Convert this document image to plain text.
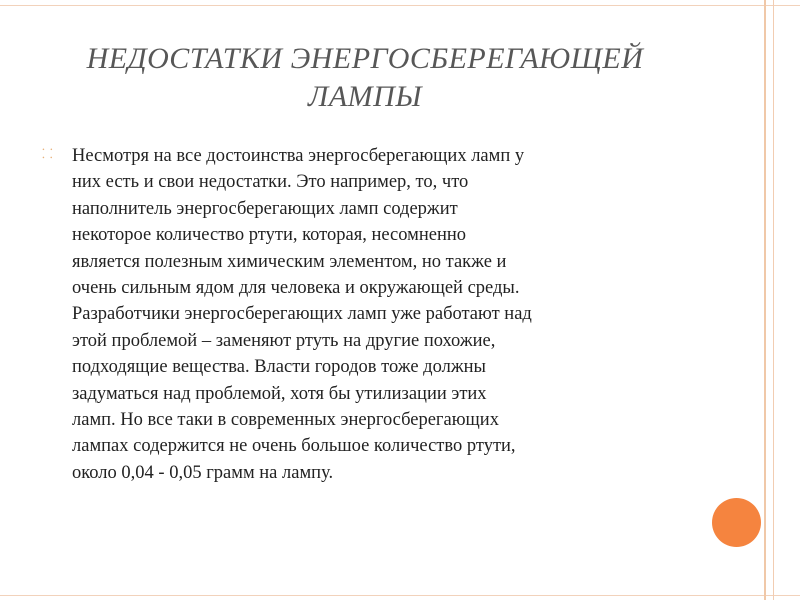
НЕДОСТАТКИ ЭНЕРГОСБЕРЕГАЮЩЕЙ
ЛАМПЫ
⸬ Несмотря на все достоинства энергосберегающих ламп у
них есть и свои недостатки. Это например, то, что
наполнитель энергосберегающих ламп содержит
некоторое количество ртути, которая, несомненно
является полезным химическим элементом, но также и
очень сильным ядом для человека и окружающей среды.
Разработчики энергосберегающих ламп уже работают над
этой проблемой – заменяют ртуть на другие похожие,
подходящие вещества. Власти городов тоже должны
задуматься над проблемой, хотя бы утилизации этих
ламп. Но все таки в современных энергосберегающих
лампах содержится не очень большое количество ртути,
около 0,04 - 0,05 грамм на лампу.
